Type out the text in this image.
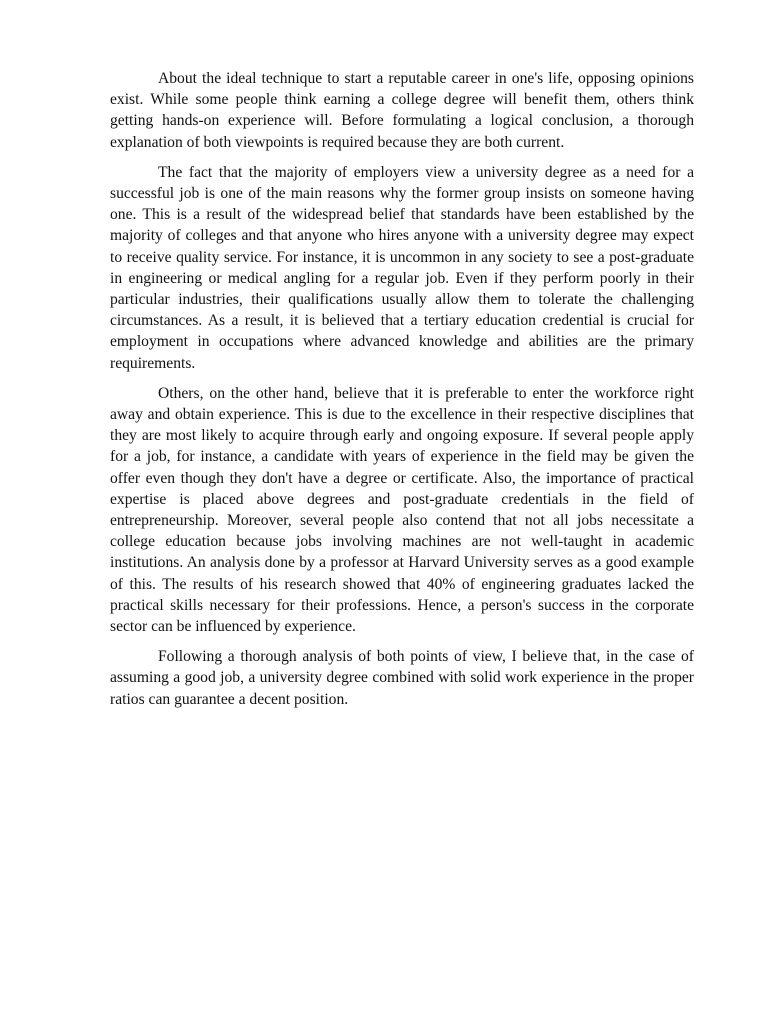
About the ideal technique to start a reputable career in one's life, opposing opinions exist. While some people think earning a college degree will benefit them, others think getting hands-on experience will. Before formulating a logical conclusion, a thorough explanation of both viewpoints is required because they are both current.

The fact that the majority of employers view a university degree as a need for a successful job is one of the main reasons why the former group insists on someone having one. This is a result of the widespread belief that standards have been established by the majority of colleges and that anyone who hires anyone with a university degree may expect to receive quality service. For instance, it is uncommon in any society to see a post-graduate in engineering or medical angling for a regular job. Even if they perform poorly in their particular industries, their qualifications usually allow them to tolerate the challenging circumstances. As a result, it is believed that a tertiary education credential is crucial for employment in occupations where advanced knowledge and abilities are the primary requirements.

Others, on the other hand, believe that it is preferable to enter the workforce right away and obtain experience. This is due to the excellence in their respective disciplines that they are most likely to acquire through early and ongoing exposure. If several people apply for a job, for instance, a candidate with years of experience in the field may be given the offer even though they don't have a degree or certificate. Also, the importance of practical expertise is placed above degrees and post-graduate credentials in the field of entrepreneurship. Moreover, several people also contend that not all jobs necessitate a college education because jobs involving machines are not well-taught in academic institutions. An analysis done by a professor at Harvard University serves as a good example of this. The results of his research showed that 40% of engineering graduates lacked the practical skills necessary for their professions. Hence, a person's success in the corporate sector can be influenced by experience.

Following a thorough analysis of both points of view, I believe that, in the case of assuming a good job, a university degree combined with solid work experience in the proper ratios can guarantee a decent position.
